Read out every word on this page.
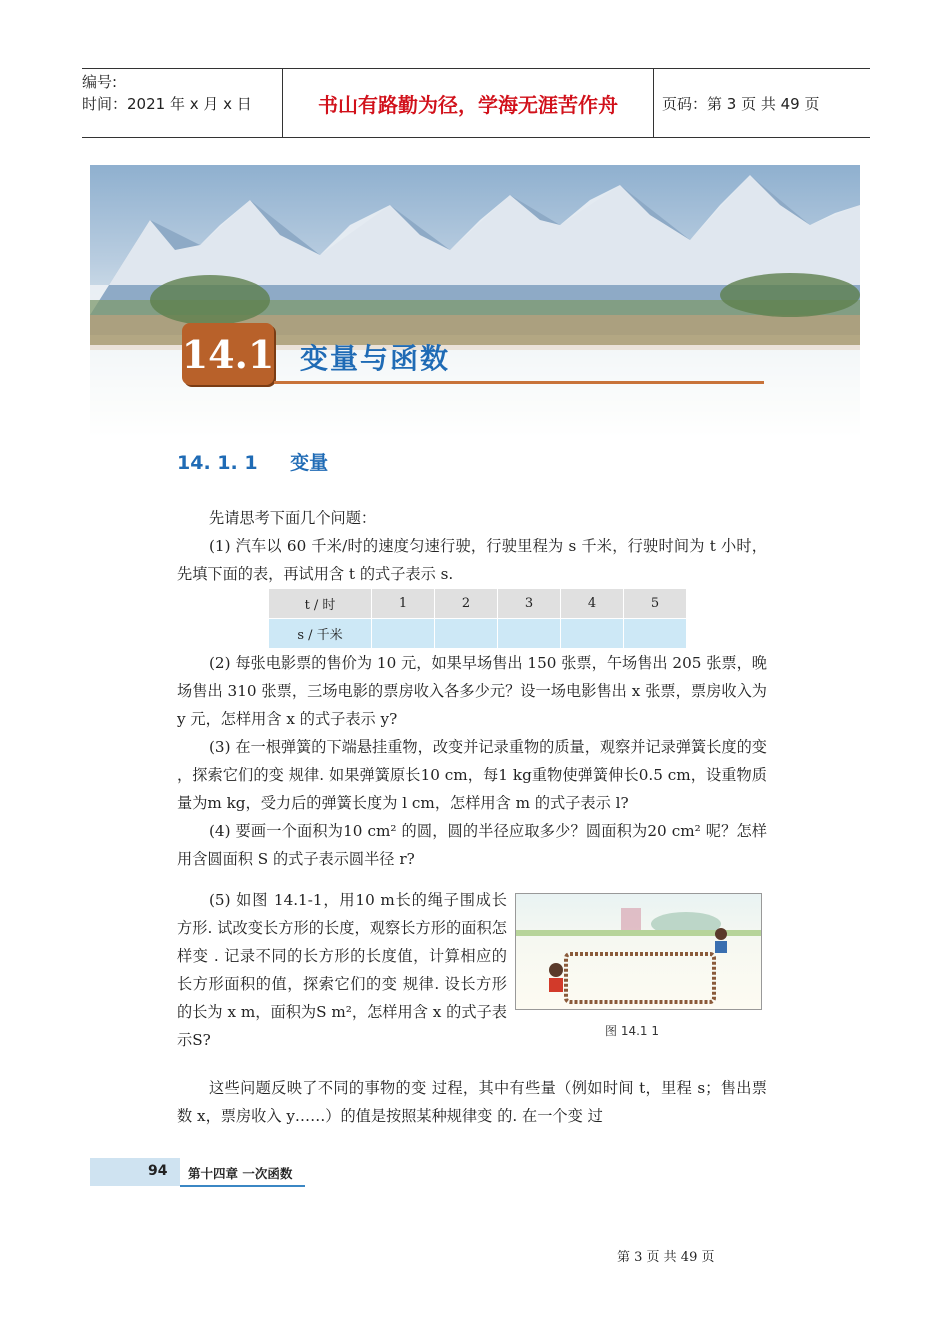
编号:
时间：2021 年 x 月 x 日	书山有路勤为径，学海无涯苦作舟	页码：第 3 页 共 49 页
14.1 变量与函数
14. 1. 1 变量

先请思考下面几个问题：

(1) 汽车以 60 千米/时的速度匀速行驶，行驶里程为 s 千米，行驶时间为 t 小时，先填下面的表，再试用含 t 的式子表示 s.

t / 时	1	2	3	4	5
s / 千米					

(2) 每张电影票的售价为 10 元，如果早场售出 150 张票，午场售出 205 张票，晚场售出 310 张票，三场电影的票房收入各多少元？设一场电影售出 x 张票，票房收入为 y 元，怎样用含 x 的式子表示 y?

(3) 在一根弹簧的下端悬挂重物，改变并记录重物的质量，观察并记录弹簧长度的变 ，探索它们的变 规律. 如果弹簧原长10 cm，每1 kg重物使弹簧伸长0.5 cm，设重物质量为m kg，受力后的弹簧长度为 l cm，怎样用含 m 的式子表示 l?

(4) 要画一个面积为10 cm² 的圆，圆的半径应取多少？圆面积为20 cm² 呢？怎样用含圆面积 S 的式子表示圆半径 r?

(5) 如图 14.1-1，用10 m长的绳子围成长方形. 试改变长方形的长度，观察长方形的面积怎样变 . 记录不同的长方形的长度值，计算相应的长方形面积的值，探索它们的变 规律. 设长方形的长为 x m，面积为S m²，怎样用含 x 的式子表示S?	图 14.1 1

这些问题反映了不同的事物的变 过程，其中有些量（例如时间 t，里程 s；售出票数 x，票房收入 y……）的值是按照某种规律变 的. 在一个变 过

94 第十四章 一次函数
第 3 页 共 49 页
